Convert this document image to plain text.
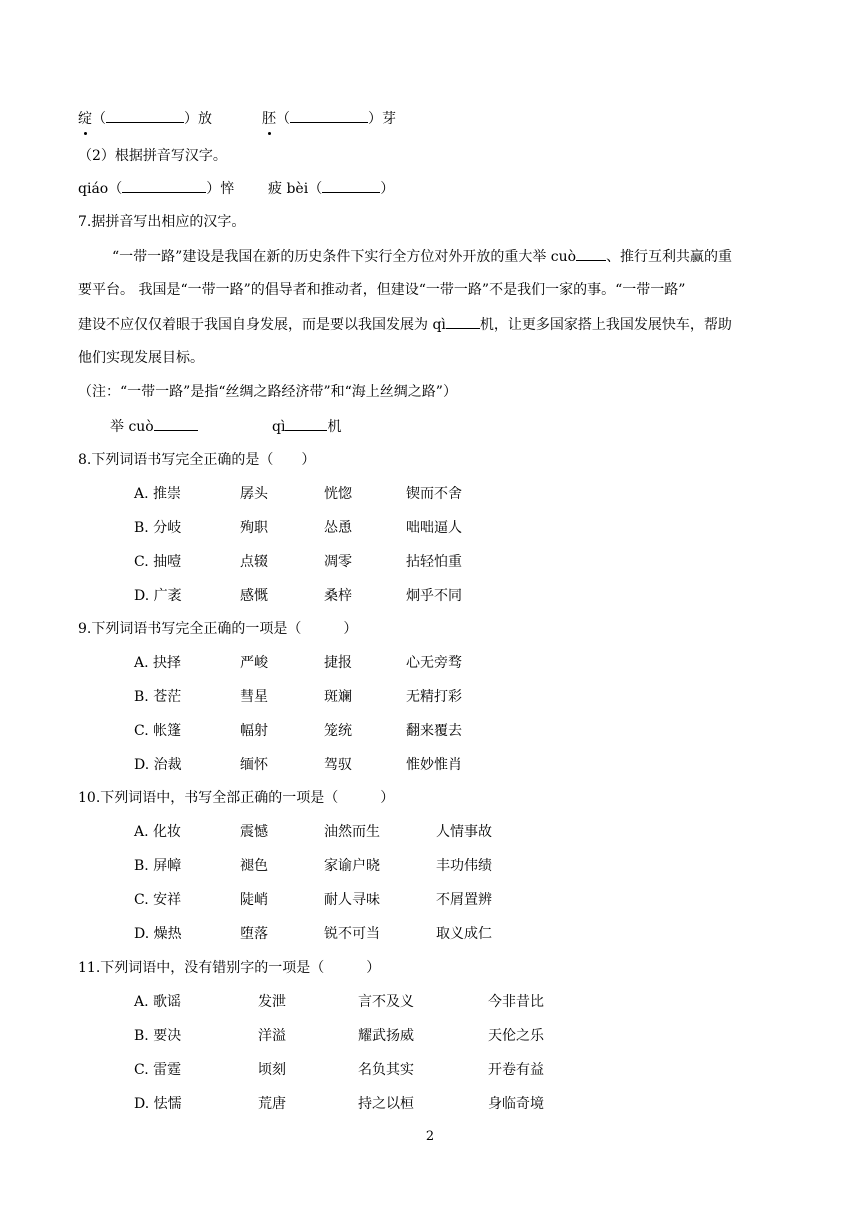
绽（	）放	胚（	）芽
（2）根据拼音写汉字。
qiáo（	）悴 疲 bèi（	）
7.据拼音写出相应的汉字。
“一带一路”建设是我国在新的历史条件下实行全方位对外开放的重大举 cuò 、推行互利共赢的重
要平台。 我国是“一带一路”的倡导者和推动者，但建设“一带一路”不是我们一家的事。“一带一路”
建设不应仅仅着眼于我国自身发展，而是要以我国发展为 qì 机，让更多国家搭上我国发展快车，帮助
他们实现发展目标。
（注：“一带一路”是指“丝绸之路经济带”和“海上丝绸之路”）
举 cuò	qì	机
8.下列词语书写完全正确的是（　　）
A. 推崇	孱头	恍惚	锲而不舍
B. 分岐	殉职	怂恿	咄咄逼人
C. 抽噎	点辍	凋零	拈轻怕重
D. 广袤	感慨	桑梓	炯乎不同
9.下列词语书写完全正确的一项是（　　　）
A. 抉择	严峻	捷报	心无旁骛
B. 苍茫	彗星	斑斓	无精打彩
C. 帐篷	幅射	笼统	翻来覆去
D. 治裁	缅怀	驾驭	惟妙惟肖
10.下列词语中，书写全部正确的一项是（　　　）
A. 化妆	震憾	油然而生	人情事故
B. 屏幛	褪色	家谕户晓	丰功伟绩
C. 安祥	陡峭	耐人寻味	不屑置辨
D. 燥热	堕落	锐不可当	取义成仁
11.下列词语中，没有错别字的一项是（　　　）
A. 歌谣	发泄	言不及义	今非昔比
B. 要决	洋溢	耀武扬威	天伦之乐
C. 雷霆	顷刻	名负其实	开卷有益
D. 怯懦	荒唐	持之以桓	身临奇境
2
